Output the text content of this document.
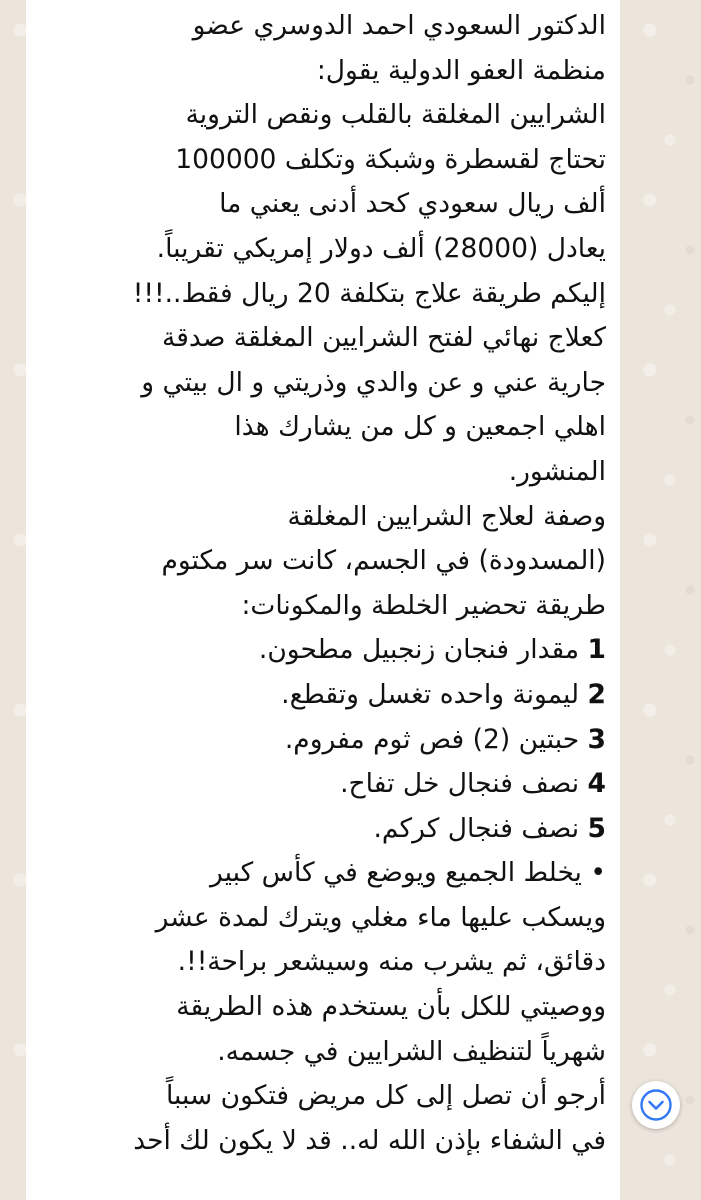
الدكتور السعودي احمد الدوسري عضو
منظمة العفو الدولية يقول:
الشرايين المغلقة بالقلب ونقص التروية
تحتاج لقسطرة وشبكة وتكلف 100000
ألف ريال سعودي كحد أدنى يعني ما
يعادل (28000) ألف دولار إمريكي تقريباً.
إليكم طريقة علاج بتكلفة 20 ريال فقط..!!!
كعلاج نهائي لفتح الشرايين المغلقة صدقة
جارية عني و عن والدي وذريتي و ال بيتي و
اهلي اجمعين و كل من يشارك هذا
المنشور.
وصفة لعلاج الشرايين المغلقة
(المسدودة) في الجسم، كانت سر مكتوم
طريقة تحضير الخلطة والمكونات:
1 مقدار فنجان زنجبيل مطحون.
2 ليمونة واحده تغسل وتقطع.
3 حبتين (2) فص ثوم مفروم.
4 نصف فنجال خل تفاح.
5 نصف فنجال كركم.
• يخلط الجميع ويوضع في كأس كبير
ويسكب عليها ماء مغلي ويترك لمدة عشر
دقائق، ثم يشرب منه وسيشعر براحة!!.
ووصيتي للكل بأن يستخدم هذه الطريقة
شهرياً لتنظيف الشرايين في جسمه.
أرجو أن تصل إلى كل مريض فتكون سبباً
في الشفاء بإذن الله له.. قد لا يكون لك أحد
